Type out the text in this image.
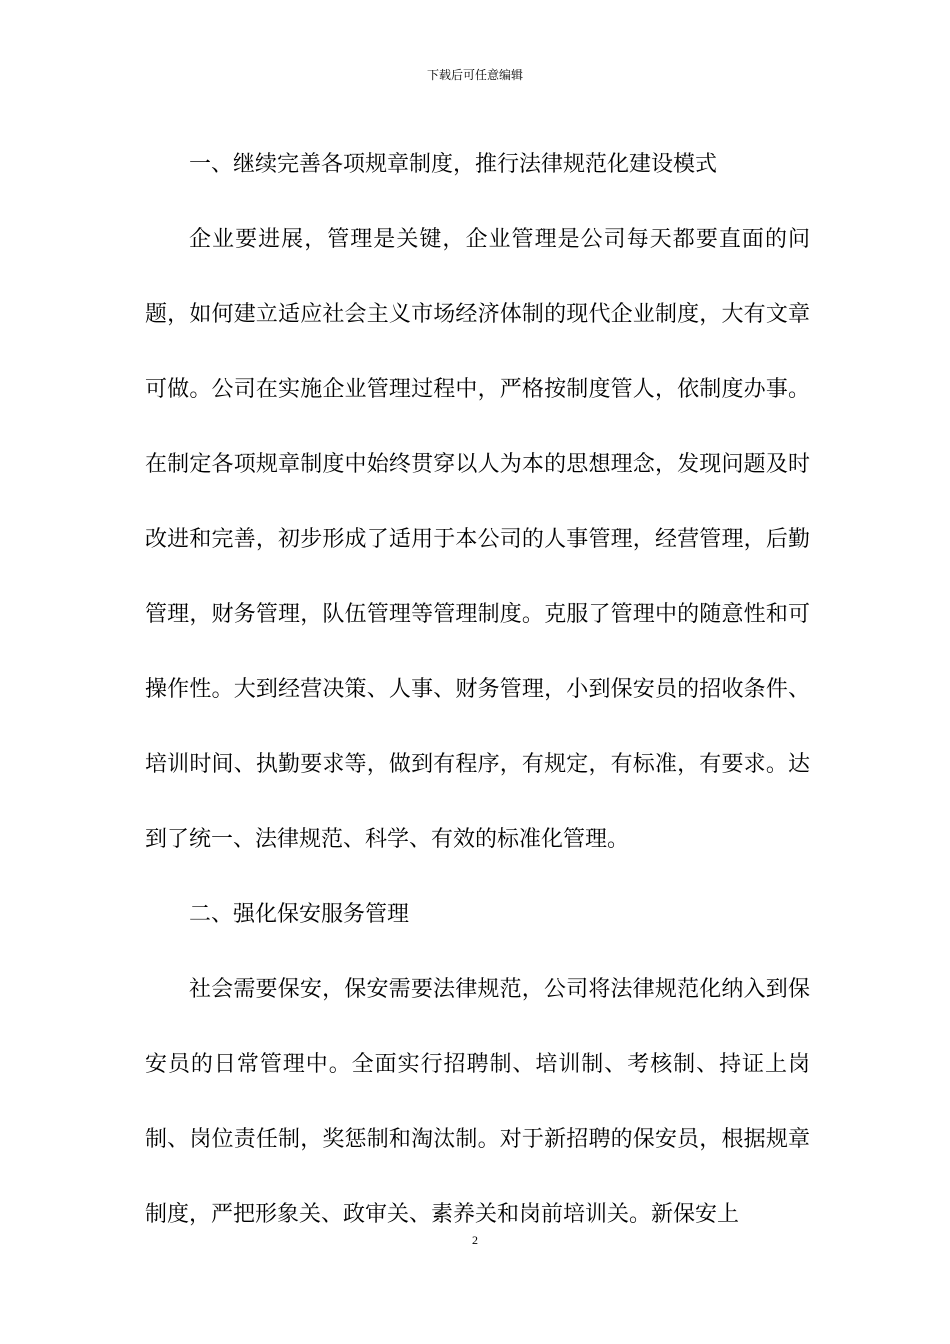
下载后可任意编辑

一、继续完善各项规章制度，推行法律规范化建设模式

企业要进展，管理是关键，企业管理是公司每天都要直面的问题，如何建立适应社会主义市场经济体制的现代企业制度，大有文章可做。公司在实施企业管理过程中，严格按制度管人，依制度办事。在制定各项规章制度中始终贯穿以人为本的思想理念，发现问题及时改进和完善，初步形成了适用于本公司的人事管理，经营管理，后勤管理，财务管理，队伍管理等管理制度。克服了管理中的随意性和可操作性。大到经营决策、人事、财务管理，小到保安员的招收条件、培训时间、执勤要求等，做到有程序，有规定，有标准，有要求。达到了统一、法律规范、科学、有效的标准化管理。

二、强化保安服务管理

社会需要保安，保安需要法律规范，公司将法律规范化纳入到保安员的日常管理中。全面实行招聘制、培训制、考核制、持证上岗制、岗位责任制，奖惩制和淘汰制。对于新招聘的保安员，根据规章制度，严把形象关、政审关、素养关和岗前培训关。新保安上

2
